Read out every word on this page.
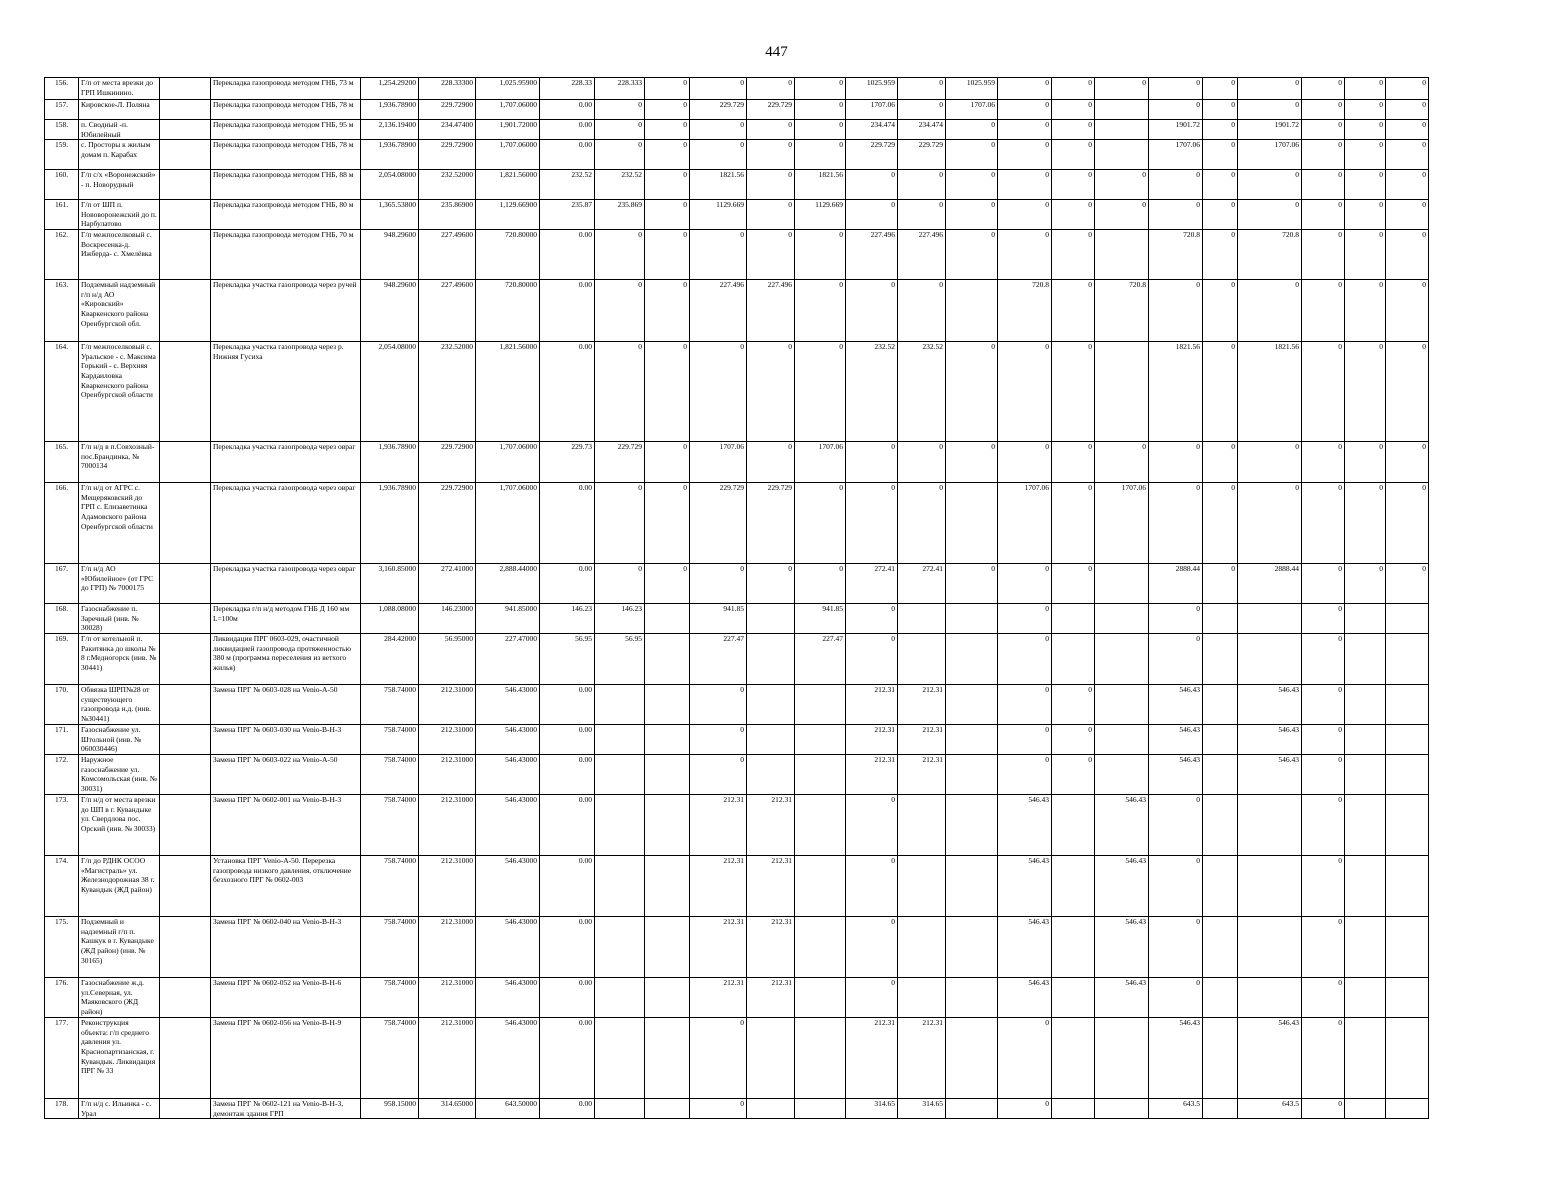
447
156.	Г/п от места врезки до ГРП Ишкинино.		Перекладка газопровода методом ГНБ, 73 м	1,254.29200	228.33300	1,025.95900	228.33	228.333	0	0	0	0	1025.959	0	1025.959	0	0	0	0	0	0	0	0	0
157.	Кировское-Л. Поляна		Перекладка газопровода методом ГНБ, 78 м	1,936.78900	229.72900	1,707.06000	0.00	0	0	229.729	229.729	0	1707.06	0	1707.06	0	0		0	0	0	0	0	0
158.	п. Сводный -п. Юбилейный		Перекладка газопровода методом ГНБ, 95 м	2,136.19400	234.47400	1,901.72000	0.00	0	0	0	0	0	234.474	234.474	0	0	0		1901.72	0	1901.72	0	0	0
159.	с. Просторы к жилым домам п. Карабах		Перекладка газопровода методом ГНБ, 78 м	1,936.78900	229.72900	1,707.06000	0.00	0	0	0	0	0	229.729	229.729	0	0	0		1707.06	0	1707.06	0	0	0
160.	Г/п с/х «Воронежский» - п. Новорудный		Перекладка газопровода методом ГНБ, 88 м	2,054.08000	232.52000	1,821.56000	232.52	232.52	0	1821.56	0	1821.56	0	0	0	0	0	0	0	0	0	0	0	0
161.	Г/п от ШП п. Нововоронежский до п. Нарбулатово		Перекладка газопровода методом ГНБ, 80 м	1,365.53800	235.86900	1,129.66900	235.87	235.869	0	1129.669	0	1129.669	0	0	0	0	0	0	0	0	0	0	0	0
162.	Г/п межпоселковый с. Воскресенка-д. Ижберда- с. Хмелёвка		Перекладка газопровода методом ГНБ, 70 м	948.29600	227.49600	720.80000	0.00	0	0	0	0	0	227.496	227.496	0	0	0		720.8	0	720.8	0	0	0
163.	Подземный надземный г/п н/д АО «Кировский» Кваркенского района Оренбургской обл.		Перекладка участка газопровода через ручей	948.29600	227.49600	720.80000	0.00	0	0	227.496	227.496	0	0	0		720.8	0	720.8	0	0	0	0	0	0
164.	Г/п межпоселковый с. Уральское - с. Максима Горький - с. Верхняя Кардаиловка Кваркенского района Оренбургской области		Перекладка участка газопровода через р. Нижняя Гусиха	2,054.08000	232.52000	1,821.56000	0.00	0	0	0	0	0	232.52	232.52	0	0	0		1821.56	0	1821.56	0	0	0
165.	Г/п н/д в п.Совхозный-пос.Брандинка, № 7000134		Перекладка участка газопровода через овраг	1,936.78900	229.72900	1,707.06000	229.73	229.729	0	1707.06	0	1707.06	0	0	0	0	0	0	0	0	0	0	0	0
166.	Г/п н/д от АГРС с. Мещеряковский до ГРП с. Елизаветинка Адамовского района Оренбургской области		Перекладка участка газопровода через овраг	1,936.78900	229.72900	1,707.06000	0.00	0	0	229.729	229.729	0	0	0		1707.06	0	1707.06	0	0	0	0	0	0
167.	Г/п н/д АО «Юбилейное» (от ГРС до ГРП) № 7000175		Перекладка участка газопровода через овраг	3,160.85000	272.41000	2,888.44000	0.00	0	0	0	0	0	272.41	272.41	0	0	0		2888.44	0	2888.44	0	0	0
168.	Газоснабжение п. Заречный (инв. № 30028)		Перекладка г/п н/д методом ГНБ Д 160 мм L=100м	1,088.08000	146.23000	941.85000	146.23	146.23		941.85		941.85	0			0			0			0		
169.	Г/п от котельной п. Ракитянка до школы № 8 г.Медногорск (инв. № 30441)		Ликвидация ПРГ 0603-029, очастичной ликвидацией газопровода протяженностью 380 м (программа переселения из ветхого жилья)	284.42000	56.95000	227.47000	56.95	56.95		227.47		227.47	0			0			0			0		
170.	Обвязка ШРП№28 от существующего газопровода н.д. (инв. №30441)		Замена ПРГ № 0603-028 на Venio-А-50	758.74000	212.31000	546.43000	0.00			0			212.31	212.31		0	0		546.43		546.43	0		
171.	Газоснабжение ул. Штольной (инв. № 060030446)		Замена ПРГ № 0603-030 на Venio-В-Н-3	758.74000	212.31000	546.43000	0.00			0			212.31	212.31		0	0		546.43		546.43	0		
172.	Наружное газоснабжение ул. Комсомольская (инв. № 30031)		Замена ПРГ № 0603-022 на Venio-А-50	758.74000	212.31000	546.43000	0.00			0			212.31	212.31		0	0		546.43		546.43	0		
173.	Г/п н/д от места врезки до ШП в г. Кувандыке ул. Свердлова пос. Орский (инв. № 30033)		Замена ПРГ № 0602-001 на Venio-В-Н-3	758.74000	212.31000	546.43000	0.00			212.31	212.31		0			546.43		546.43	0			0		
174.	Г/п до РДНК ОСОО «Магистраль» ул. Железнодорожная 38 г. Кувандык (ЖД район)		Установка ПРГ Venio-А-50. Перерезка газопровода низкого давления, отключение безхозного ПРГ № 0602-003	758.74000	212.31000	546.43000	0.00			212.31	212.31		0			546.43		546.43	0			0		
175.	Подземный и надземный г/п п. Кашкук в г. Кувандыке (ЖД район) (инв. № 30165)		Замена ПРГ № 0602-040 на Venio-В-Н-3	758.74000	212.31000	546.43000	0.00			212.31	212.31		0			546.43		546.43	0			0		
176.	Газоснабжение ж.д. ул.Северная, ул. Маяковского (ЖД район)		Замена ПРГ № 0602-052 на Venio-В-Н-6	758.74000	212.31000	546.43000	0.00			212.31	212.31		0			546.43		546.43	0			0		
177.	Реконструкция объекта: г/п среднего давления ул. Краснопартизанская, г. Кувандык. Ликвидация ПРГ № 33		Замена ПРГ № 0602-056 на Venio-В-Н-9	758.74000	212.31000	546.43000	0.00			0			212.31	212.31		0			546.43		546.43	0		
178.	Г/п н/д с. Ильинка - с. Урал		Замена ПРГ № 0602-121 на Venio-В-Н-3, демонтаж здания ГРП	958.15000	314.65000	643.50000	0.00			0			314.65	314.65		0			643.5		643.5	0		
